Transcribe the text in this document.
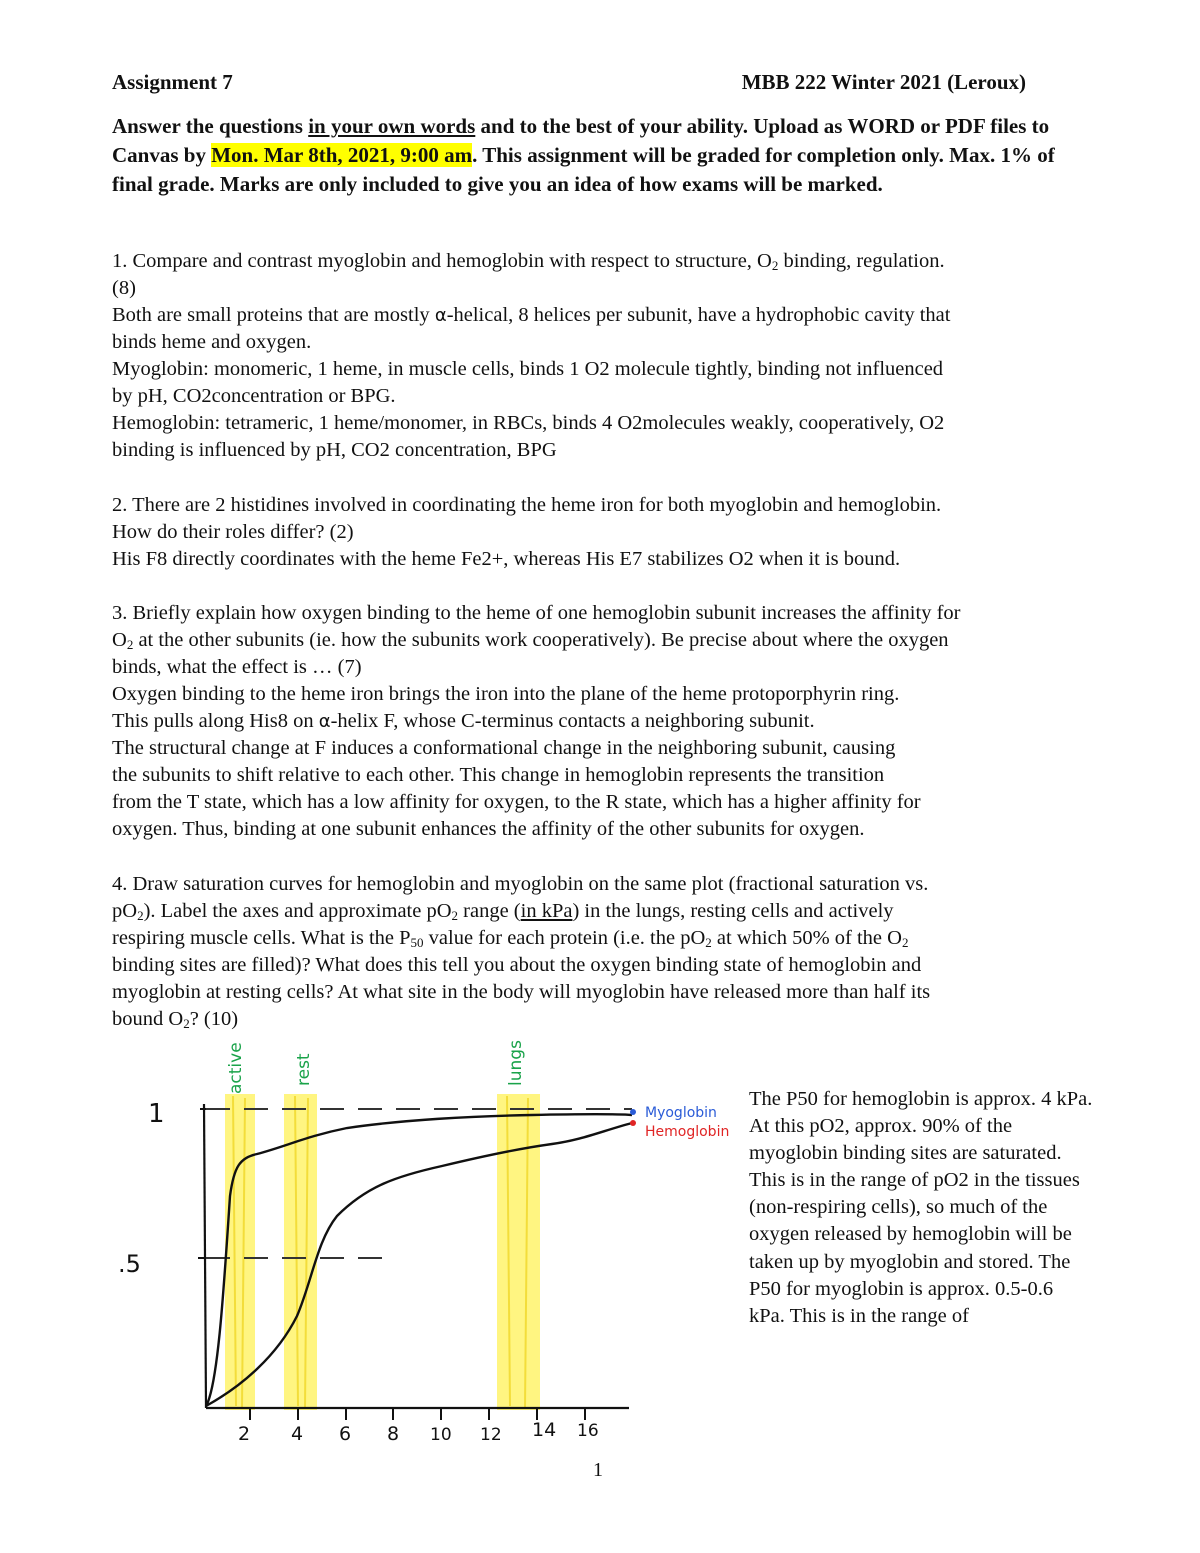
Assignment 7	MBB 222 Winter 2021 (Leroux)
Answer the questions in your own words and to the best of your ability. Upload as WORD or PDF files to Canvas by Mon. Mar 8th, 2021, 9:00 am. This assignment will be graded for completion only. Max. 1% of final grade. Marks are only included to give you an idea of how exams will be marked.
1. Compare and contrast myoglobin and hemoglobin with respect to structure, $O_2$ binding, regulation.
(8)
Both are small proteins that are mostly α-helical, 8 helices per subunit, have a hydrophobic cavity that
binds heme and oxygen.
Myoglobin: monomeric, 1 heme, in muscle cells, binds 1 O2 molecule tightly, binding not influenced
by pH, CO2concentration or BPG.
Hemoglobin: tetrameric, 1 heme/monomer, in RBCs, binds 4 O2molecules weakly, cooperatively, O2
binding is influenced by pH, CO2 concentration, BPG
2. There are 2 histidines involved in coordinating the heme iron for both myoglobin and hemoglobin.
How do their roles differ? (2)
His F8 directly coordinates with the heme Fe2+, whereas His E7 stabilizes O2 when it is bound.
3. Briefly explain how oxygen binding to the heme of one hemoglobin subunit increases the affinity for
$O_2$ at the other subunits (ie. how the subunits work cooperatively). Be precise about where the oxygen
binds, what the effect is … (7)
Oxygen binding to the heme iron brings the iron into the plane of the heme protoporphyrin ring.
This pulls along His8 on α-helix F, whose C-terminus contacts a neighboring subunit.
The structural change at F induces a conformational change in the neighboring subunit, causing
the subunits to shift relative to each other. This change in hemoglobin represents the transition
from the T state, which has a low affinity for oxygen, to the R state, which has a higher affinity for
oxygen. Thus, binding at one subunit enhances the affinity of the other subunits for oxygen.
4. Draw saturation curves for hemoglobin and myoglobin on the same plot (fractional saturation vs.
$pO_2$). Label the axes and approximate $pO_2$ range (in kPa) in the lungs, resting cells and actively
respiring muscle cells. What is the $P_{50}$ value for each protein (i.e. the $pO_2$ at which 50% of the $O_2$
binding sites are filled)? What does this tell you about the oxygen binding state of hemoglobin and
myoglobin at resting cells? At what site in the body will myoglobin have released more than half its
bound $O_2$? (10)
active	rest	lungs
1
.5
2 4 6 8 10 12 14 16
Myoglobin
Hemoglobin
The P50 for hemoglobin is approx. 4 kPa. At this pO2, approx. 90% of the myoglobin binding sites are saturated. This is in the range of pO2 in the tissues (non-respiring cells), so much of the oxygen released by hemoglobin will be taken up by myoglobin and stored. The P50 for myoglobin is approx. 0.5-0.6 kPa. This is in the range of
1
